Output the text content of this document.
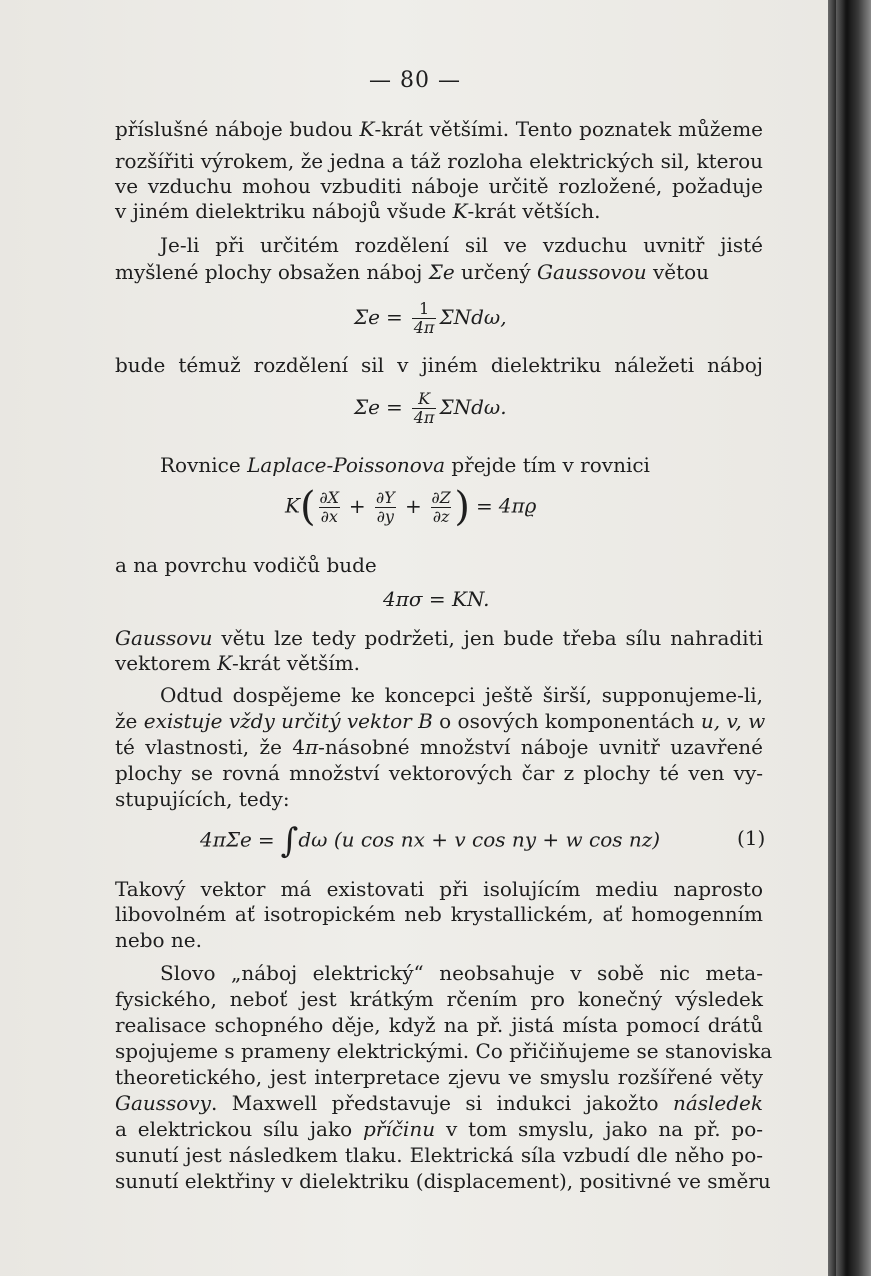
— 80 —
příslušné náboje budou K-krát většími. Tento poznatek můžeme
rozšířiti výrokem, že jedna a táž rozloha elektrických sil, kterou
ve vzduchu mohou vzbuditi náboje určitě rozložené, požaduje
v jiném dielektriku nábojů všude K-krát větších.
Je-li při určitém rozdělení sil ve vzduchu uvnitř jisté
myšlené plochy obsažen náboj Σe určený Gaussovou větou
$\Sigma e = \frac{1}{4\pi} \Sigma Nd\omega$,
bude témuž rozdělení sil v jiném dielektriku náležeti náboj
$\Sigma e = \frac{K}{4\pi} \Sigma Nd\omega$.
Rovnice Laplace-Poissonova přejde tím v rovnici
$K( \frac{\partial X}{\partial x} + \frac{\partial Y}{\partial y} + \frac{\partial Z}{\partial z}$ ) = 4πϱ
a na povrchu vodičů bude
4πσ = KN.
Gaussovu větu lze tedy podržeti, jen bude třeba sílu nahraditi
vektorem K-krát větším.
Odtud dospějeme ke koncepci ještě širší, supponujeme-li,
že existuje vždy určitý vektor B o osových komponentách u, v, w
té vlastnosti, že 4π-násobné množství náboje uvnitř uzavřené
plochy se rovná množství vektorových čar z plochy té ven vy-
stupujících, tedy:
4πΣe = ∫dω (u cos nx + v cos ny + w cos nz)	(1)
Takový vektor má existovati při isolujícím mediu naprosto
libovolném ať isotropickém neb krystallickém, ať homogenním
nebo ne.
Slovo „náboj elektrický“ neobsahuje v sobě nic meta-
fysického, neboť jest krátkým rčením pro konečný výsledek
realisace schopného děje, když na př. jistá místa pomocí drátů
spojujeme s prameny elektrickými. Co přičiňujeme se stanoviska
theoretického, jest interpretace zjevu ve smyslu rozšířené věty
Gaussovy. Maxwell představuje si indukci jakožto následek
a elektrickou sílu jako příčinu v tom smyslu, jako na př. po-
sunutí jest následkem tlaku. Elektrická síla vzbudí dle něho po-
sunutí elektřiny v dielektriku (displacement), positivné ve směru
